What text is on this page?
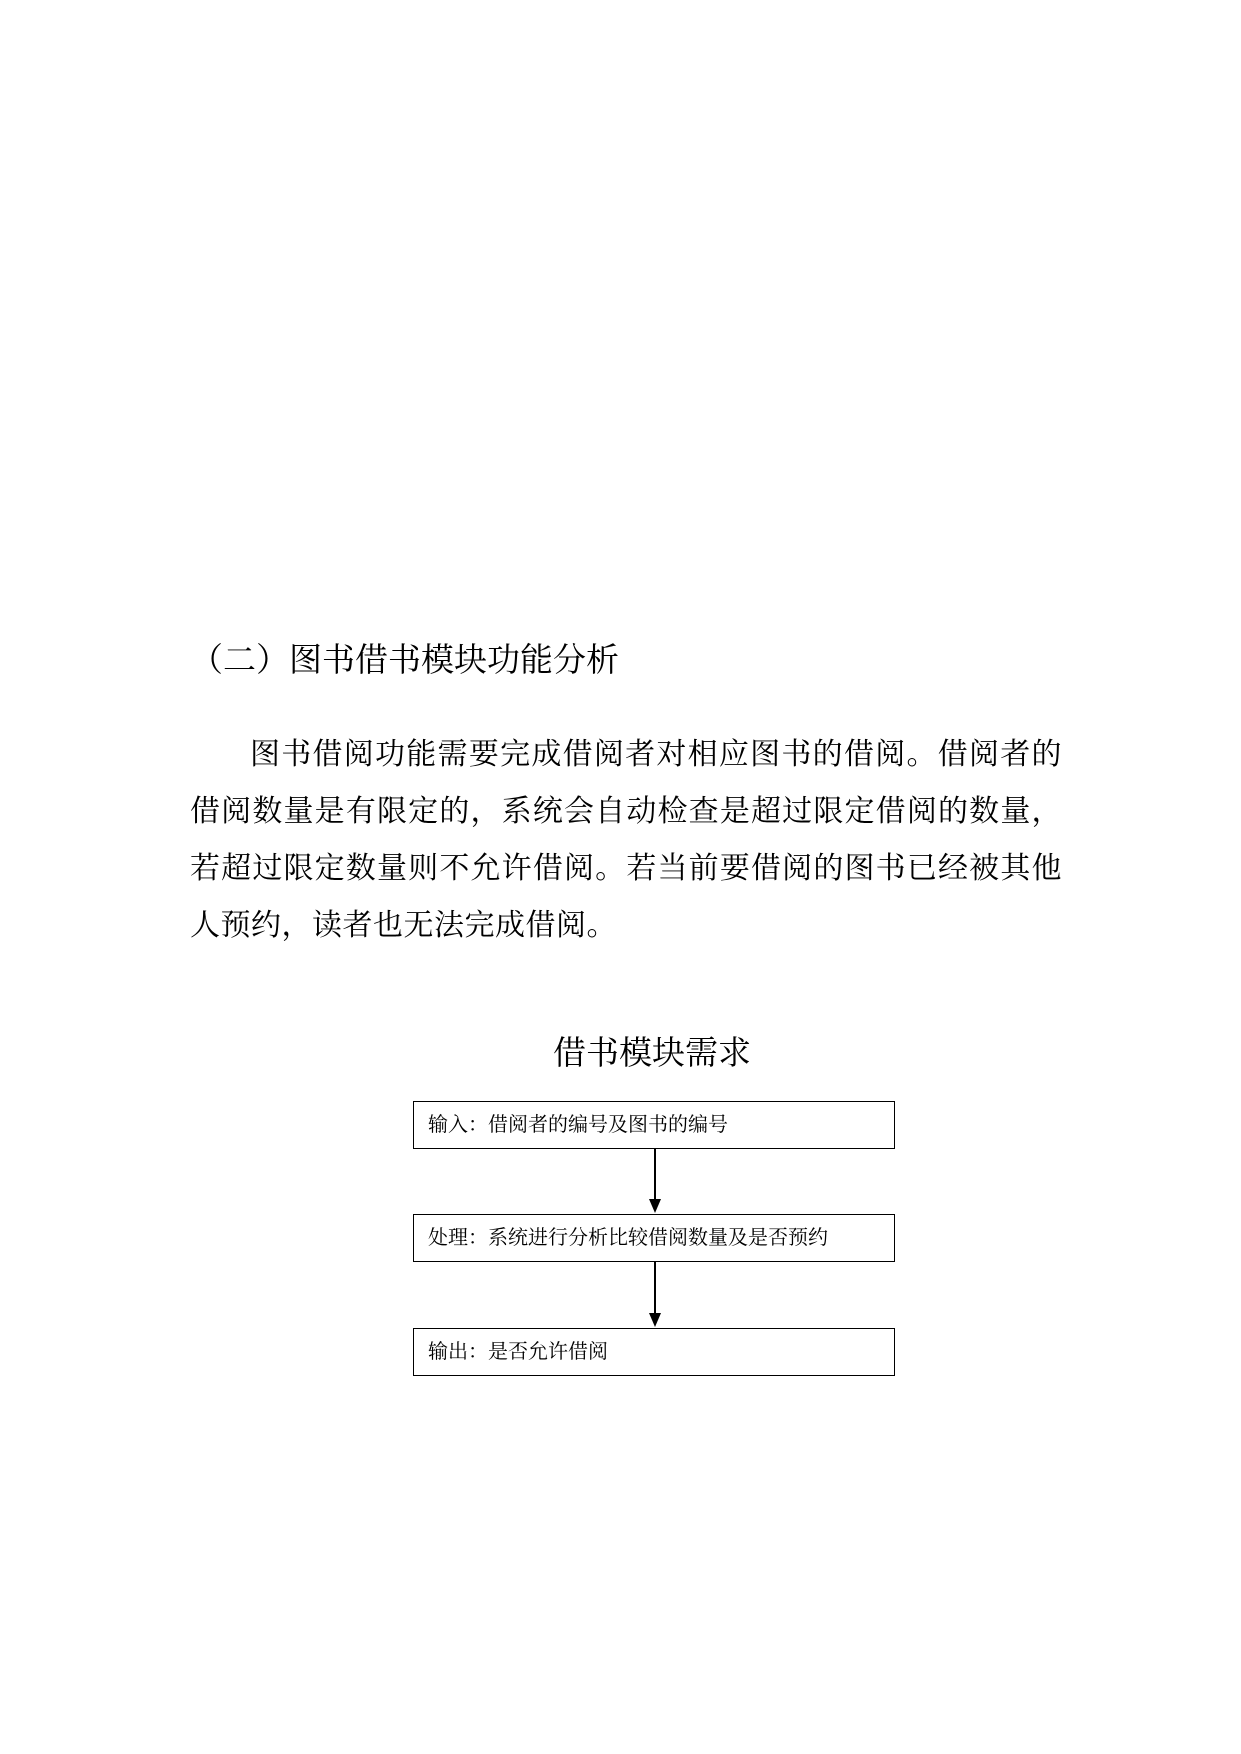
（二）图书借书模块功能分析

图书借阅功能需要完成借阅者对相应图书的借阅。借阅者的借阅数量是有限定的，系统会自动检查是超过限定借阅的数量，若超过限定数量则不允许借阅。若当前要借阅的图书已经被其他人预约，读者也无法完成借阅。

借书模块需求
输入：借阅者的编号及图书的编号
处理：系统进行分析比较借阅数量及是否预约
输出：是否允许借阅
